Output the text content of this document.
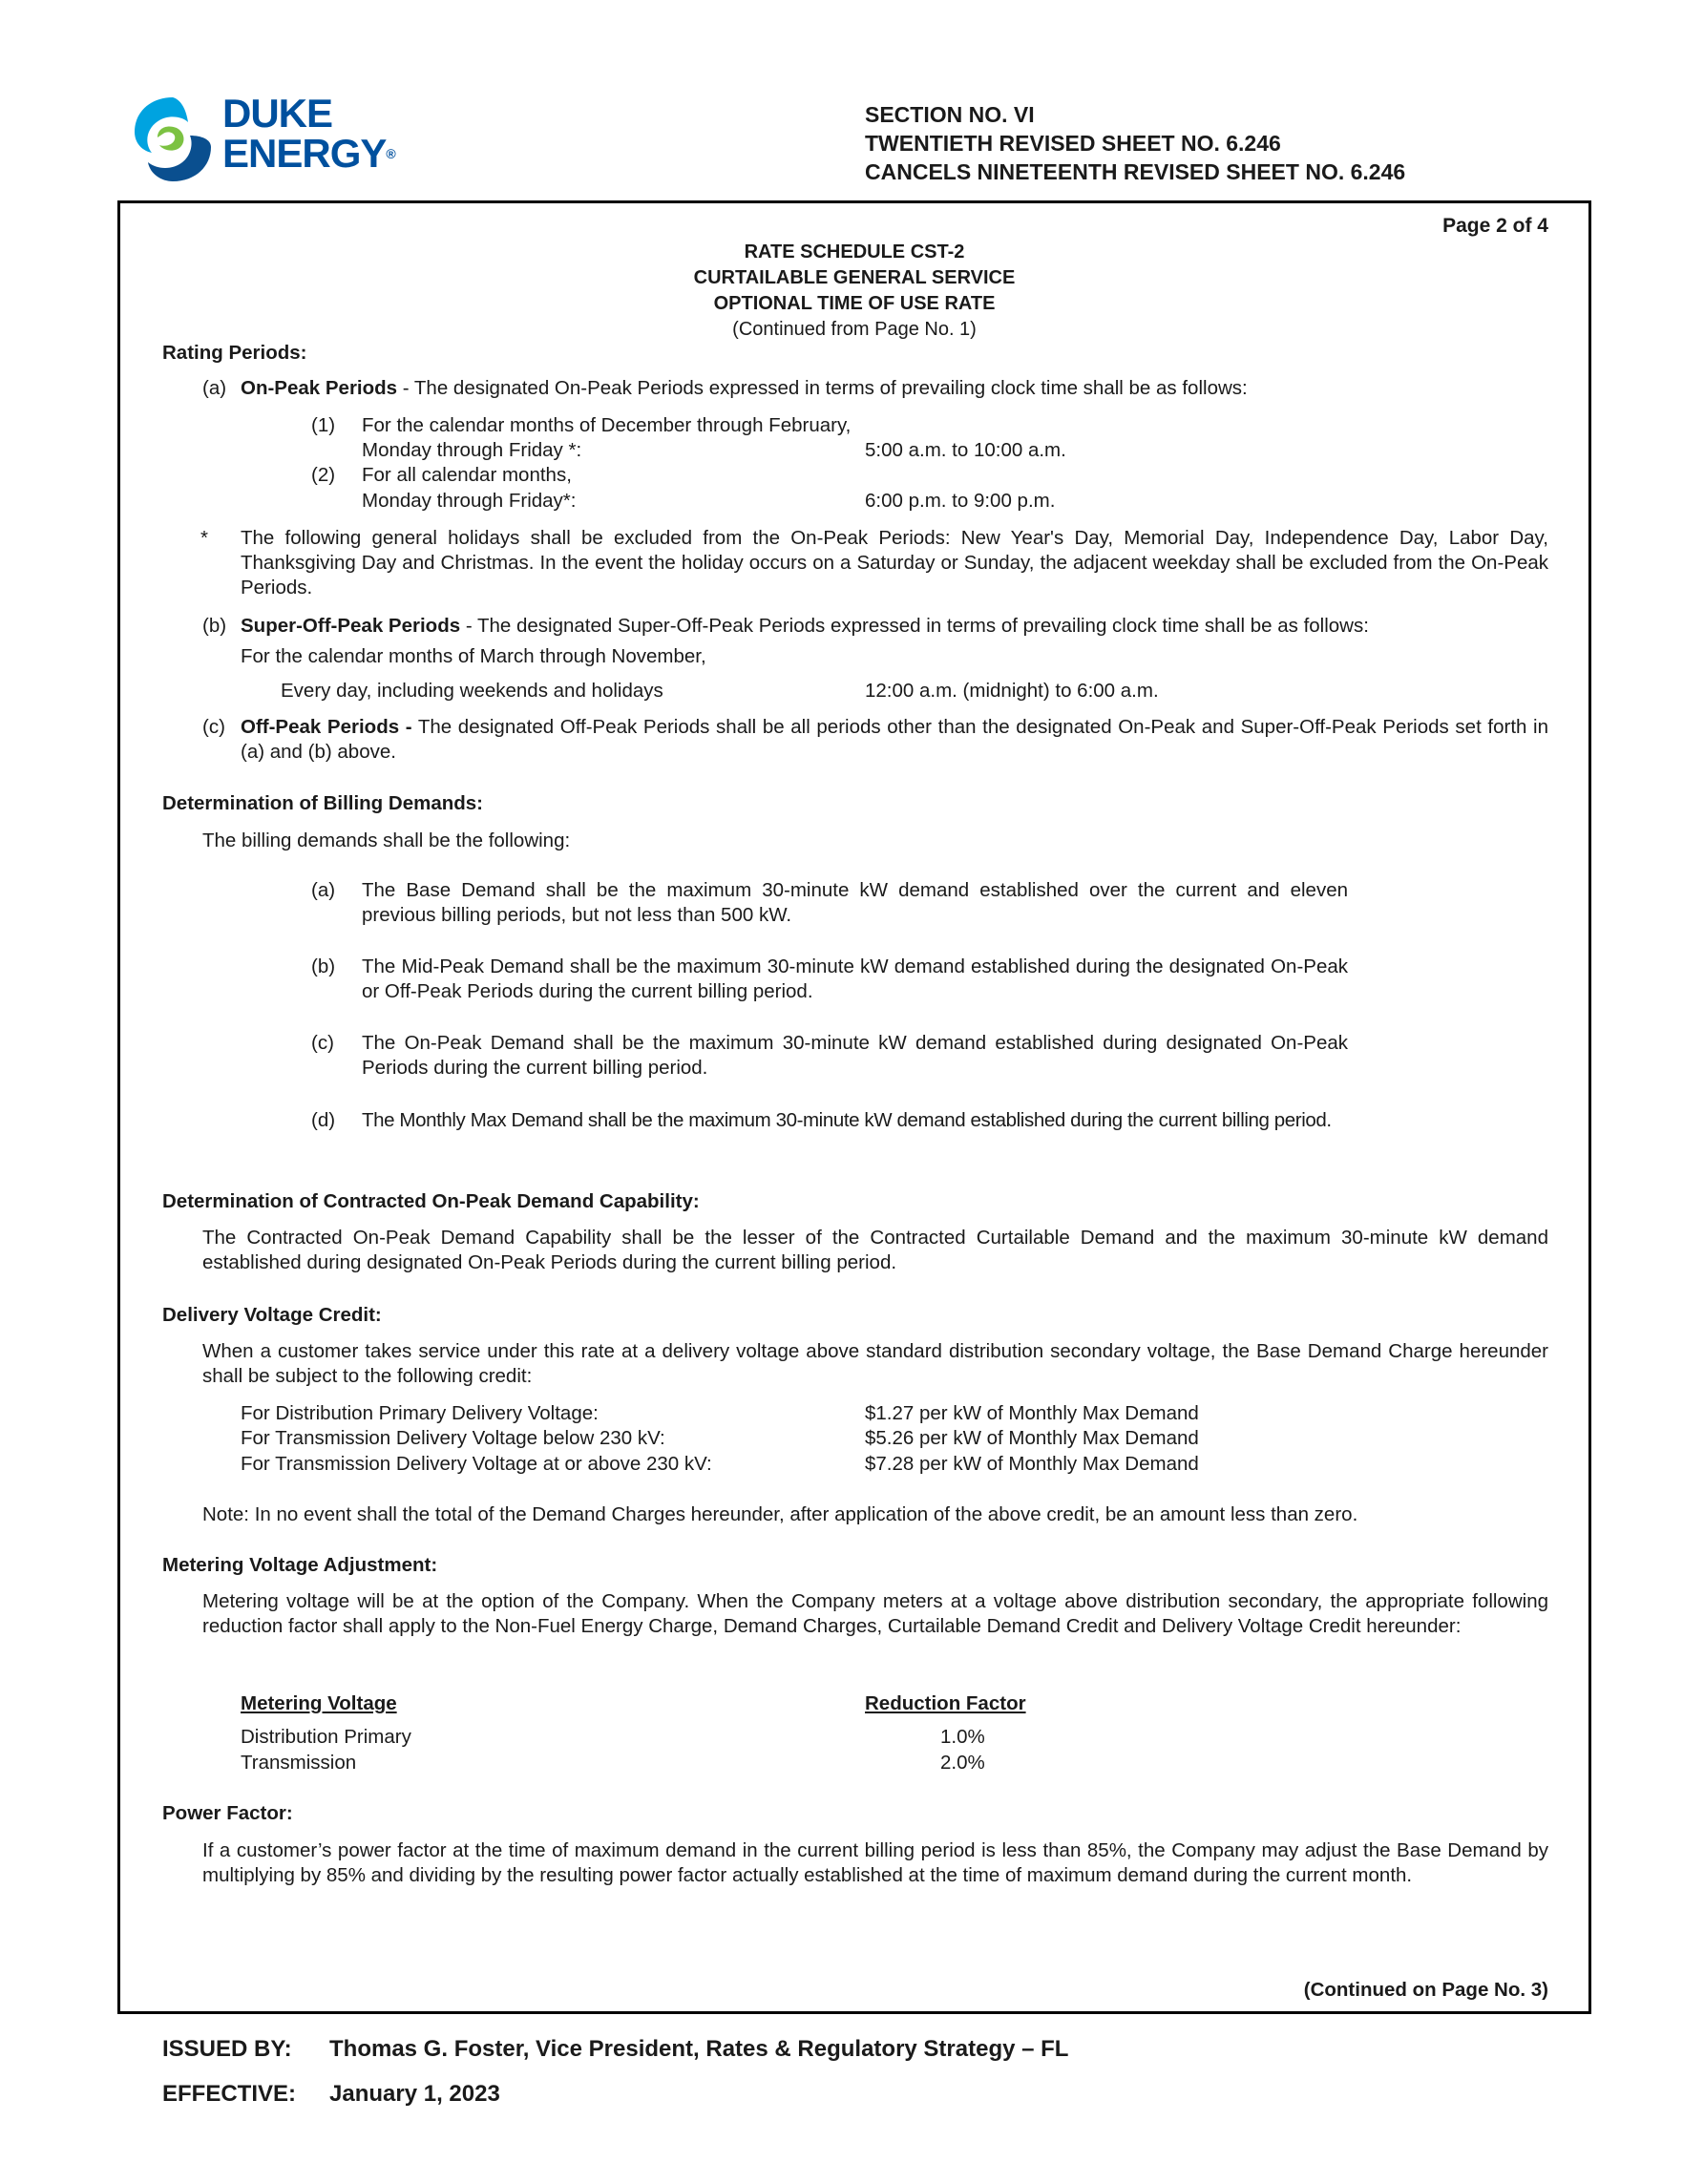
DUKE
ENERGY®
SECTION NO. VI
TWENTIETH REVISED SHEET NO. 6.246
CANCELS NINETEENTH REVISED SHEET NO. 6.246
Page 2 of 4
RATE SCHEDULE CST-2
CURTAILABLE GENERAL SERVICE
OPTIONAL TIME OF USE RATE
(Continued from Page No. 1)
Rating Periods:
(a) On-Peak Periods - The designated On-Peak Periods expressed in terms of prevailing clock time shall be as follows:
(1) For the calendar months of December through February,
Monday through Friday *:	5:00 a.m. to 10:00 a.m.
(2) For all calendar months,
Monday through Friday*:	6:00 p.m. to 9:00 p.m.
* The following general holidays shall be excluded from the On-Peak Periods: New Year's Day, Memorial Day, Independence Day, Labor Day, Thanksgiving Day and Christmas. In the event the holiday occurs on a Saturday or Sunday, the adjacent weekday shall be excluded from the On-Peak Periods.
(b) Super-Off-Peak Periods - The designated Super-Off-Peak Periods expressed in terms of prevailing clock time shall be as follows:
For the calendar months of March through November,
Every day, including weekends and holidays	12:00 a.m. (midnight) to 6:00 a.m.
(c) Off-Peak Periods - The designated Off-Peak Periods shall be all periods other than the designated On-Peak and Super-Off-Peak Periods set forth in (a) and (b) above.
Determination of Billing Demands:
The billing demands shall be the following:
(a) The Base Demand shall be the maximum 30-minute kW demand established over the current and eleven previous billing periods, but not less than 500 kW.
(b) The Mid-Peak Demand shall be the maximum 30-minute kW demand established during the designated On-Peak or Off-Peak Periods during the current billing period.
(c) The On-Peak Demand shall be the maximum 30-minute kW demand established during designated On-Peak Periods during the current billing period.
(d) The Monthly Max Demand shall be the maximum 30-minute kW demand established during the current billing period.
Determination of Contracted On-Peak Demand Capability:
The Contracted On-Peak Demand Capability shall be the lesser of the Contracted Curtailable Demand and the maximum 30-minute kW demand established during designated On-Peak Periods during the current billing period.
Delivery Voltage Credit:
When a customer takes service under this rate at a delivery voltage above standard distribution secondary voltage, the Base Demand Charge hereunder shall be subject to the following credit:
For Distribution Primary Delivery Voltage:	$1.27 per kW of Monthly Max Demand
For Transmission Delivery Voltage below 230 kV:	$5.26 per kW of Monthly Max Demand
For Transmission Delivery Voltage at or above 230 kV:	$7.28 per kW of Monthly Max Demand
Note: In no event shall the total of the Demand Charges hereunder, after application of the above credit, be an amount less than zero.
Metering Voltage Adjustment:
Metering voltage will be at the option of the Company. When the Company meters at a voltage above distribution secondary, the appropriate following reduction factor shall apply to the Non-Fuel Energy Charge, Demand Charges, Curtailable Demand Credit and Delivery Voltage Credit hereunder:
Metering Voltage	Reduction Factor
Distribution Primary	1.0%
Transmission	2.0%
Power Factor:
If a customer’s power factor at the time of maximum demand in the current billing period is less than 85%, the Company may adjust the Base Demand by multiplying by 85% and dividing by the resulting power factor actually established at the time of maximum demand during the current month.
(Continued on Page No. 3)
ISSUED BY: Thomas G. Foster, Vice President, Rates & Regulatory Strategy – FL
EFFECTIVE: January 1, 2023
